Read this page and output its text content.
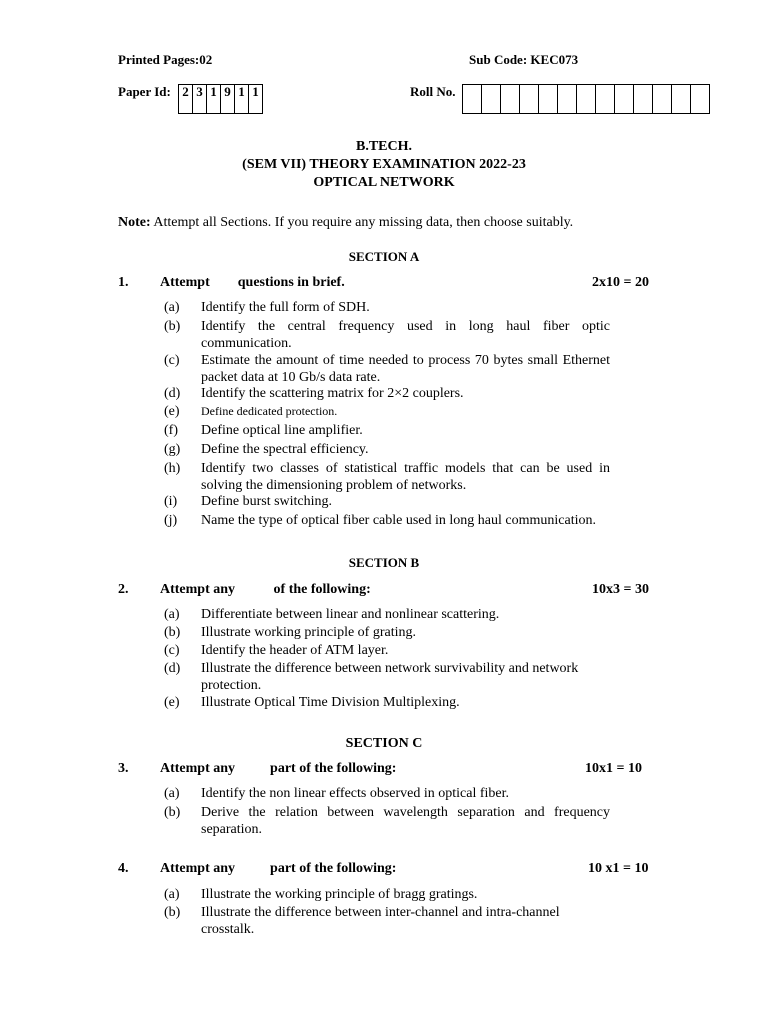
Printed Pages:02	Sub Code: KEC073
Paper Id: 2 3 1 9 1 1	Roll No.
B.TECH.
(SEM VII) THEORY EXAMINATION 2022-23
OPTICAL NETWORK
Note: Attempt all Sections. If you require any missing data, then choose suitably.
SECTION A
1. Attempt        questions in brief.	2x10 = 20
(a) Identify the full form of SDH.
(b) Identify the central frequency used in long haul fiber optic communication.
(c) Estimate the amount of time needed to process 70 bytes small Ethernet packet data at 10 Gb/s data rate.
(d) Identify the scattering matrix for 2×2 couplers.
(e) Define dedicated protection.
(f) Define optical line amplifier.
(g) Define the spectral efficiency.
(h) Identify two classes of statistical traffic models that can be used in solving the dimensioning problem of networks.
(i) Define burst switching.
(j) Name the type of optical fiber cable used in long haul communication.
SECTION B
2. Attempt any           of the following:	10x3 = 30
(a) Differentiate between linear and nonlinear scattering.
(b) Illustrate working principle of grating.
(c) Identify the header of ATM layer.
(d) Illustrate the difference between network survivability and network protection.
(e) Illustrate Optical Time Division Multiplexing.
SECTION C
3. Attempt any          part of the following:	10x1 = 10
(a) Identify the non linear effects observed in optical fiber.
(b) Derive the relation between wavelength separation and frequency separation.
4. Attempt any          part of the following:	10 x1 = 10
(a) Illustrate the working principle of bragg gratings.
(b) Illustrate the difference between inter-channel and intra-channel crosstalk.
